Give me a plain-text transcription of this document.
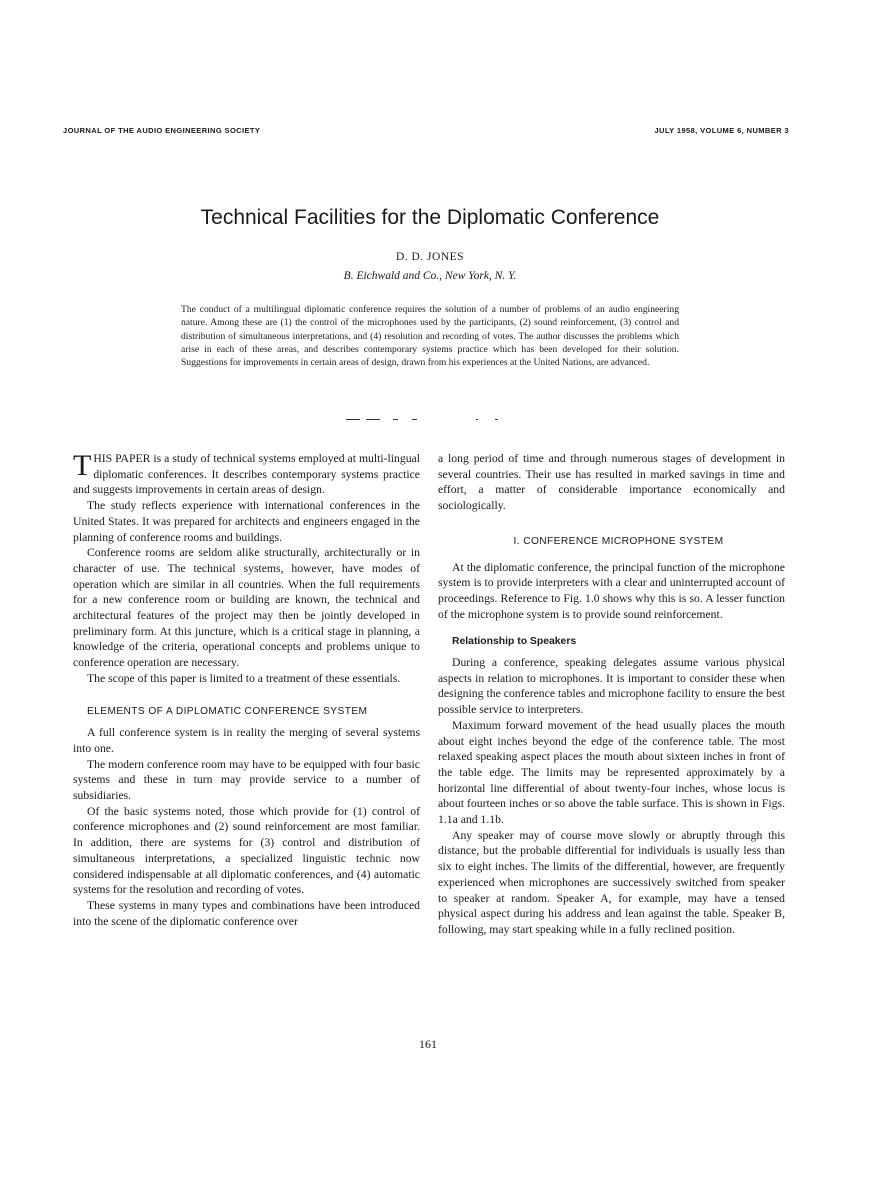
JOURNAL OF THE AUDIO ENGINEERING SOCIETY	JULY 1958, VOLUME 6, NUMBER 3
Technical Facilities for the Diplomatic Conference
D. D. JONES
B. Eichwald and Co., New York, N. Y.
The conduct of a multilingual diplomatic conference requires the solution of a number of problems of an audio engineering nature. Among these are (1) the control of the microphones used by the participants, (2) sound reinforcement, (3) control and distribution of simultaneous interpretations, and (4) resolution and recording of votes. The author discusses the problems which arise in each of these areas, and describes contemporary systems practice which has been developed for their solution. Suggestions for improvements in certain areas of design, drawn from his experiences at the United Nations, are advanced.

THIS PAPER is a study of technical systems employed at multi-lingual diplomatic conferences. It describes contemporary systems practice and suggests improvements in certain areas of design.

The study reflects experience with international conferences in the United States. It was prepared for architects and engineers engaged in the planning of conference rooms and buildings.

Conference rooms are seldom alike structurally, architecturally or in character of use. The technical systems, however, have modes of operation which are similar in all countries. When the full requirements for a new conference room or building are known, the technical and architectural features of the project may then be jointly developed in preliminary form. At this juncture, which is a critical stage in planning, a knowledge of the criteria, operational concepts and problems unique to conference operation are necessary.

The scope of this paper is limited to a treatment of these essentials.

ELEMENTS OF A DIPLOMATIC CONFERENCE SYSTEM

A full conference system is in reality the merging of several systems into one.

The modern conference room may have to be equipped with four basic systems and these in turn may provide service to a number of subsidiaries.

Of the basic systems noted, those which provide for (1) control of conference microphones and (2) sound reinforcement are most familiar. In addition, there are systems for (3) control and distribution of simultaneous interpretations, a specialized linguistic technic now considered indispensable at all diplomatic conferences, and (4) automatic systems for the resolution and recording of votes.

These systems in many types and combinations have been introduced into the scene of the diplomatic conference over

a long period of time and through numerous stages of development in several countries. Their use has resulted in marked savings in time and effort, a matter of considerable importance economically and sociologically.

I. CONFERENCE MICROPHONE SYSTEM

At the diplomatic conference, the principal function of the microphone system is to provide interpreters with a clear and uninterrupted account of proceedings. Reference to Fig. 1.0 shows why this is so. A lesser function of the microphone system is to provide sound reinforcement.

Relationship to Speakers

During a conference, speaking delegates assume various physical aspects in relation to microphones. It is important to consider these when designing the conference tables and microphone facility to ensure the best possible service to interpreters.

Maximum forward movement of the head usually places the mouth about eight inches beyond the edge of the conference table. The most relaxed speaking aspect places the mouth about sixteen inches in front of the table edge. The limits may be represented approximately by a horizontal line differential of about twenty-four inches, whose locus is about fourteen inches or so above the table surface. This is shown in Figs. 1.1a and 1.1b.

Any speaker may of course move slowly or abruptly through this distance, but the probable differential for individuals is usually less than six to eight inches. The limits of the differential, however, are frequently experienced when microphones are successively switched from speaker to speaker at random. Speaker A, for example, may have a tensed physical aspect during his address and lean against the table. Speaker B, following, may start speaking while in a fully reclined position.

161
